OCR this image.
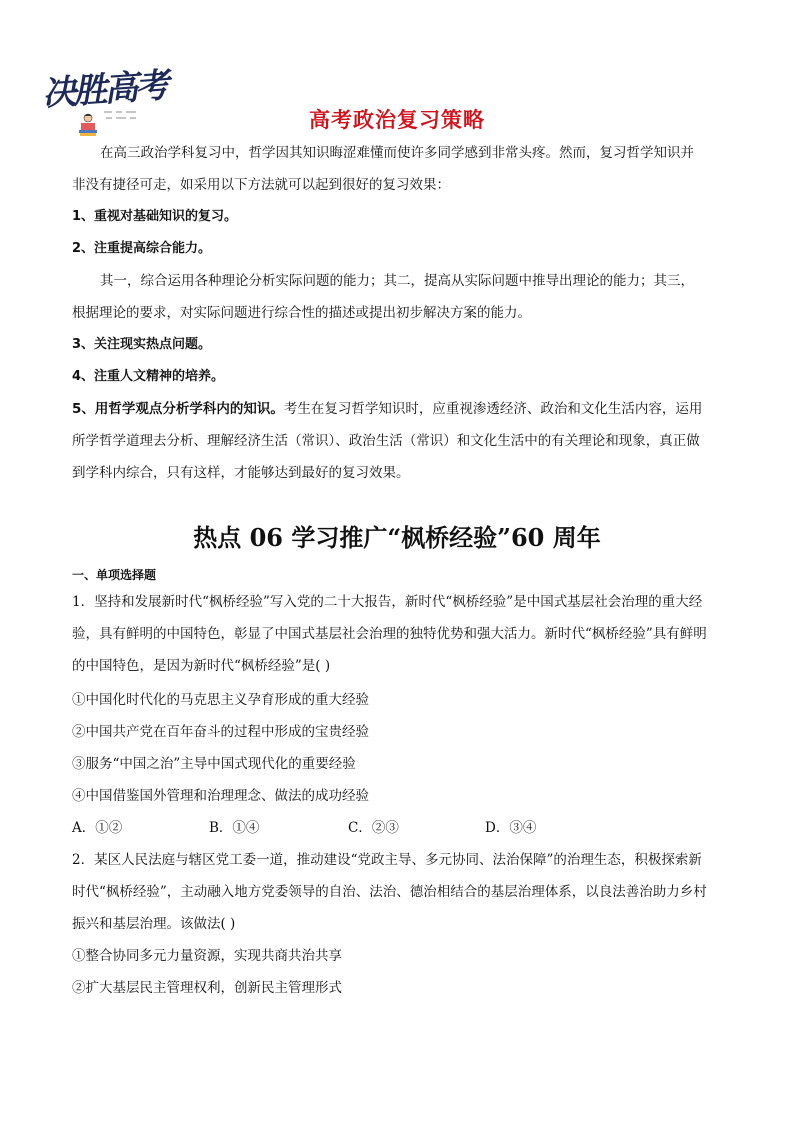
决胜高考
高考政治复习策略

在高三政治学科复习中，哲学因其知识晦涩难懂而使许多同学感到非常头疼。然而，复习哲学知识并

非没有捷径可走，如采用以下方法就可以起到很好的复习效果：

1、重视对基础知识的复习。

2、注重提高综合能力。

其一，综合运用各种理论分析实际问题的能力；其二，提高从实际问题中推导出理论的能力；其三，

根据理论的要求，对实际问题进行综合性的描述或提出初步解决方案的能力。

3、关注现实热点问题。

4、注重人文精神的培养。

5、用哲学观点分析学科内的知识。考生在复习哲学知识时，应重视渗透经济、政治和文化生活内容，运用

所学哲学道理去分析、理解经济生活（常识）、政治生活（常识）和文化生活中的有关理论和现象，真正做

到学科内综合，只有这样，才能够达到最好的复习效果。

热点 06 学习推广“枫桥经验”60 周年

一、单项选择题

1．坚持和发展新时代“枫桥经验”写入党的二十大报告，新时代“枫桥经验”是中国式基层社会治理的重大经

验，具有鲜明的中国特色，彰显了中国式基层社会治理的独特优势和强大活力。新时代“枫桥经验”具有鲜明

的中国特色，是因为新时代“枫桥经验”是( )

①中国化时代化的马克思主义孕育形成的重大经验

②中国共产党在百年奋斗的过程中形成的宝贵经验

③服务“中国之治”主导中国式现代化的重要经验

④中国借鉴国外管理和治理理念、做法的成功经验

A．①②	B．①④	C．②③	D．③④

2．某区人民法庭与辖区党工委一道，推动建设“党政主导、多元协同、法治保障”的治理生态，积极探索新

时代“枫桥经验”，主动融入地方党委领导的自治、法治、德治相结合的基层治理体系，以良法善治助力乡村

振兴和基层治理。该做法( )

①整合协同多元力量资源，实现共商共治共享

②扩大基层民主管理权利，创新民主管理形式
